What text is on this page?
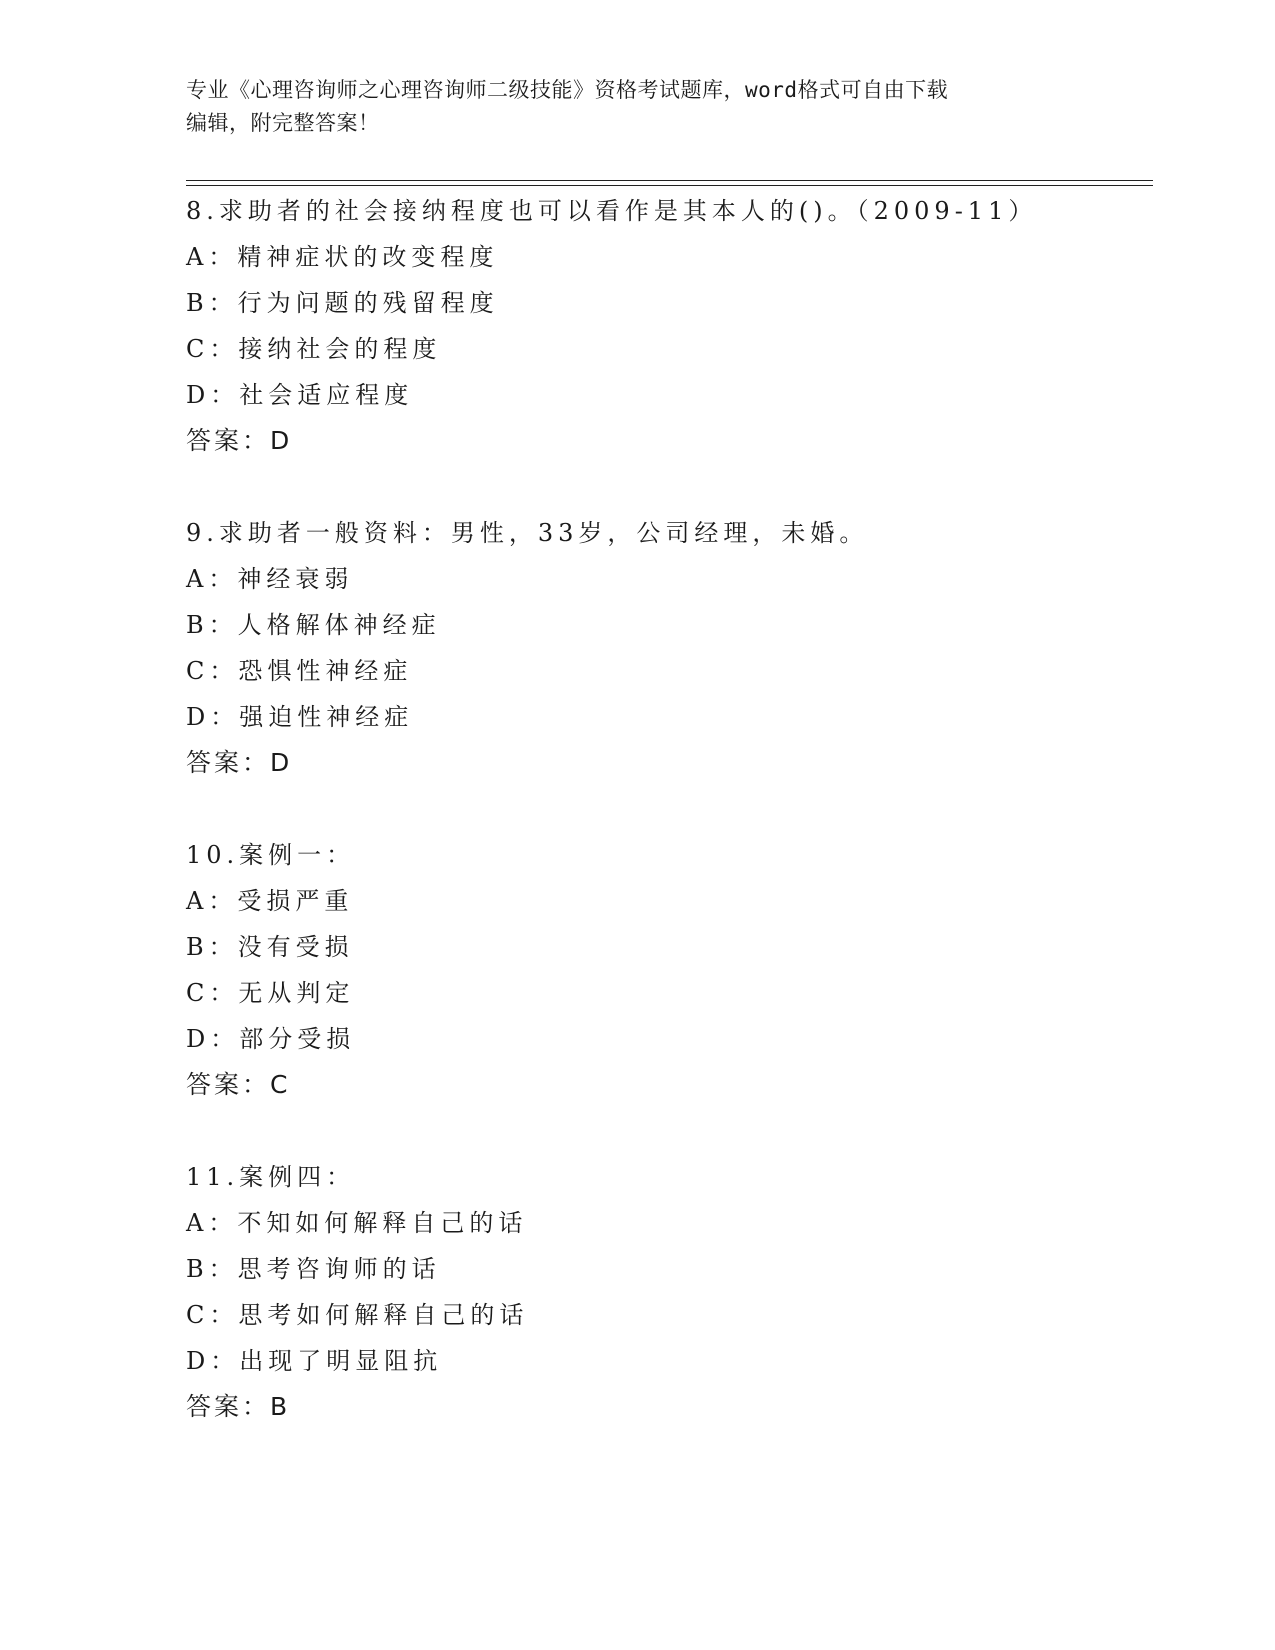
专业《心理咨询师之心理咨询师二级技能》资格考试题库，word格式可自由下载
编辑，附完整答案！
8.求助者的社会接纳程度也可以看作是其本人的()。（2009-11）
A：精神症状的改变程度
B：行为问题的残留程度
C：接纳社会的程度
D：社会适应程度
答案：D
9.求助者一般资料：男性，33岁，公司经理，未婚。
A：神经衰弱
B：人格解体神经症
C：恐惧性神经症
D：强迫性神经症
答案：D
10.案例一：
A：受损严重
B：没有受损
C：无从判定
D：部分受损
答案：C
11.案例四：
A：不知如何解释自己的话
B：思考咨询师的话
C：思考如何解释自己的话
D：出现了明显阻抗
答案：B
